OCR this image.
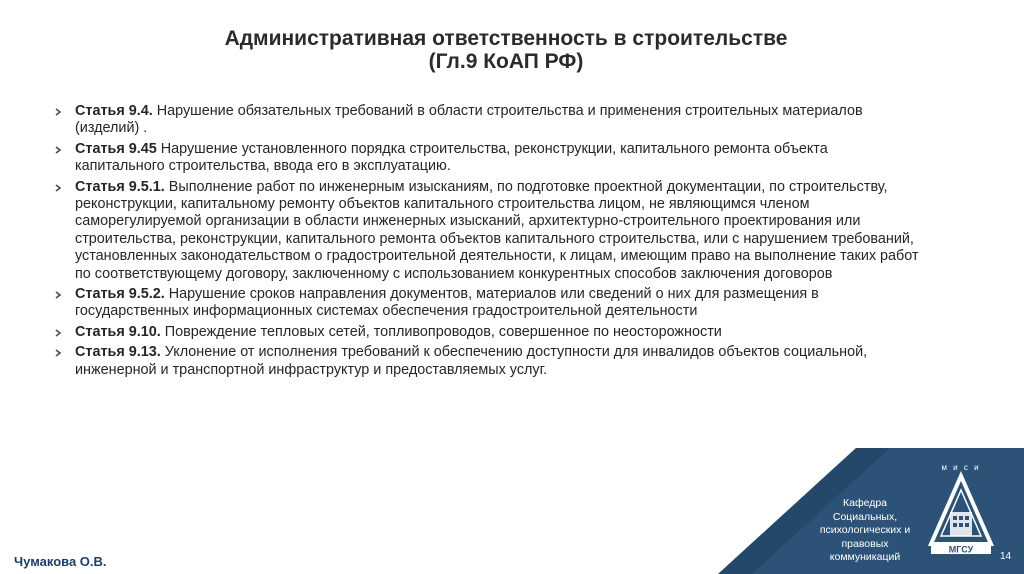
Административная ответственность в строительстве
(Гл.9 КоАП РФ)
Статья 9.4. Нарушение обязательных требований в области строительства и применения строительных материалов (изделий) .
Статья 9.45 Нарушение установленного порядка строительства, реконструкции, капитального ремонта объекта капитального строительства, ввода его в эксплуатацию.
Статья 9.5.1. Выполнение работ по инженерным изысканиям, по подготовке проектной документации, по строительству, реконструкции, капитальному ремонту объектов капитального строительства лицом, не являющимся членом саморегулируемой организации в области инженерных изысканий, архитектурно-строительного проектирования или строительства, реконструкции, капитального ремонта объектов капитального строительства, или с нарушением требований, установленных законодательством о градостроительной деятельности, к лицам, имеющим право на выполнение таких работ по соответствующему договору, заключенному с использованием конкурентных способов заключения договоров
Статья 9.5.2. Нарушение сроков направления документов, материалов или сведений о них для размещения в государственных информационных системах обеспечения градостроительной деятельности
Статья 9.10. Повреждение тепловых сетей, топливопроводов, совершенное по неосторожности
Статья 9.13. Уклонение от исполнения требований к обеспечению доступности для инвалидов объектов социальной, инженерной и транспортной инфраструктур и предоставляемых услуг.
Кафедра
Социальных,
психологических и
правовых коммуникаций
м и с и
МГСУ
14
Чумакова О.В.
